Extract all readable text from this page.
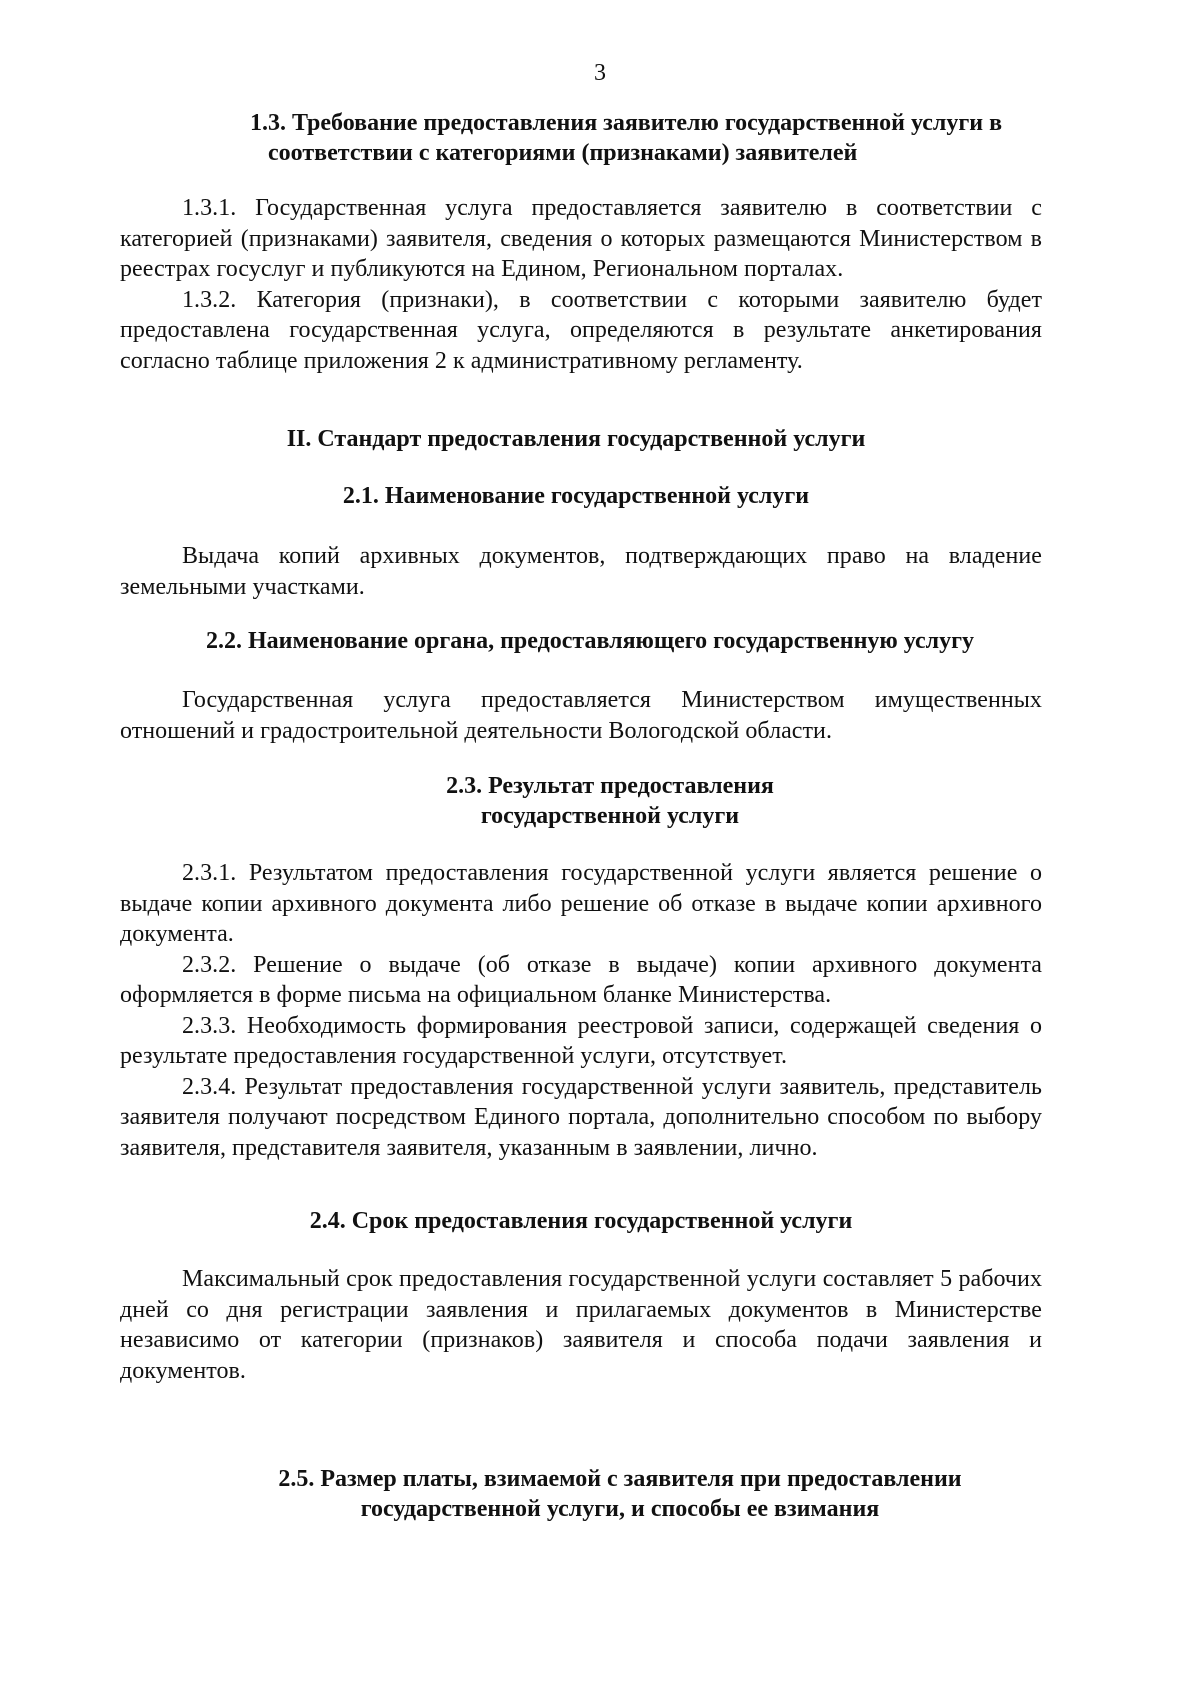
3
1.3. Требование предоставления заявителю государственной услуги в
соответствии с категориями (признаками) заявителей

1.3.1. Государственная услуга предоставляется заявителю в соответствии с категорией (признаками) заявителя, сведения о которых размещаются Министерством в реестрах госуслуг и публикуются на Едином, Региональном порталах.

1.3.2. Категория (признаки), в соответствии с которыми заявителю будет предоставлена государственная услуга, определяются в результате анкетирования согласно таблице приложения 2 к административному регламенту.

II. Стандарт предоставления государственной услуги
2.1. Наименование государственной услуги

Выдача копий архивных документов, подтверждающих право на владение земельными участками.

2.2. Наименование органа, предоставляющего государственную услугу

Государственная услуга предоставляется Министерством имущественных отношений и градостроительной деятельности Вологодской области.

2.3. Результат предоставления
государственной услуги

2.3.1. Результатом предоставления государственной услуги является решение о выдаче копии архивного документа либо решение об отказе в выдаче копии архивного документа.

2.3.2. Решение о выдаче (об отказе в выдаче) копии архивного документа оформляется в форме письма на официальном бланке Министерства.

2.3.3. Необходимость формирования реестровой записи, содержащей сведения о результате предоставления государственной услуги, отсутствует.

2.3.4. Результат предоставления государственной услуги заявитель, представитель заявителя получают посредством Единого портала, дополнительно способом по выбору заявителя, представителя заявителя, указанным в заявлении, лично.

2.4. Срок предоставления государственной услуги

Максимальный срок предоставления государственной услуги составляет 5 рабочих дней со дня регистрации заявления и прилагаемых документов в Министерстве независимо от категории (признаков) заявителя и способа подачи заявления и документов.

2.5. Размер платы, взимаемой с заявителя при предоставлении
государственной услуги, и способы ее взимания
